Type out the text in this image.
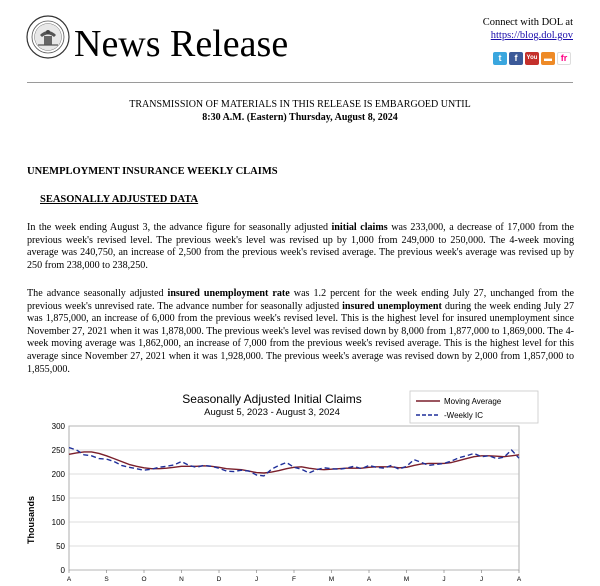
News Release
Connect with DOL at
https://blog.dol.gov
t	f	You ▬ fr
TRANSMISSION OF MATERIALS IN THIS RELEASE IS EMBARGOED UNTIL
8:30 A.M. (Eastern) Thursday, August 8, 2024
UNEMPLOYMENT INSURANCE WEEKLY CLAIMS
SEASONALLY ADJUSTED DATA
In the week ending August 3, the advance figure for seasonally adjusted initial claims was 233,000, a decrease of 17,000 from the previous week's revised level. The previous week's level was revised up by 1,000 from 249,000 to 250,000. The 4-week moving average was 240,750, an increase of 2,500 from the previous week's revised average. The previous week's average was revised up by 250 from 238,000 to 238,250.
The advance seasonally adjusted insured unemployment rate was 1.2 percent for the week ending July 27, unchanged from the previous week's unrevised rate. The advance number for seasonally adjusted insured unemployment during the week ending July 27 was 1,875,000, an increase of 6,000 from the previous week's revised level. This is the highest level for insured unemployment since November 27, 2021 when it was 1,878,000. The previous week's level was revised down by 8,000 from 1,877,000 to 1,869,000. The 4-week moving average was 1,862,000, an increase of 7,000 from the previous week's revised average. This is the highest level for this average since November 27, 2021 when it was 1,928,000. The previous week's average was revised down by 2,000 from 1,857,000 to 1,855,000.
Seasonally Adjusted Initial Claims
August 5, 2023 - August 3, 2024
Moving Average
-Weekly IC
Thousands
0
50
100
150
200
250
300
A	S	O	N	D	J	F	M	A	M	J	J	A
